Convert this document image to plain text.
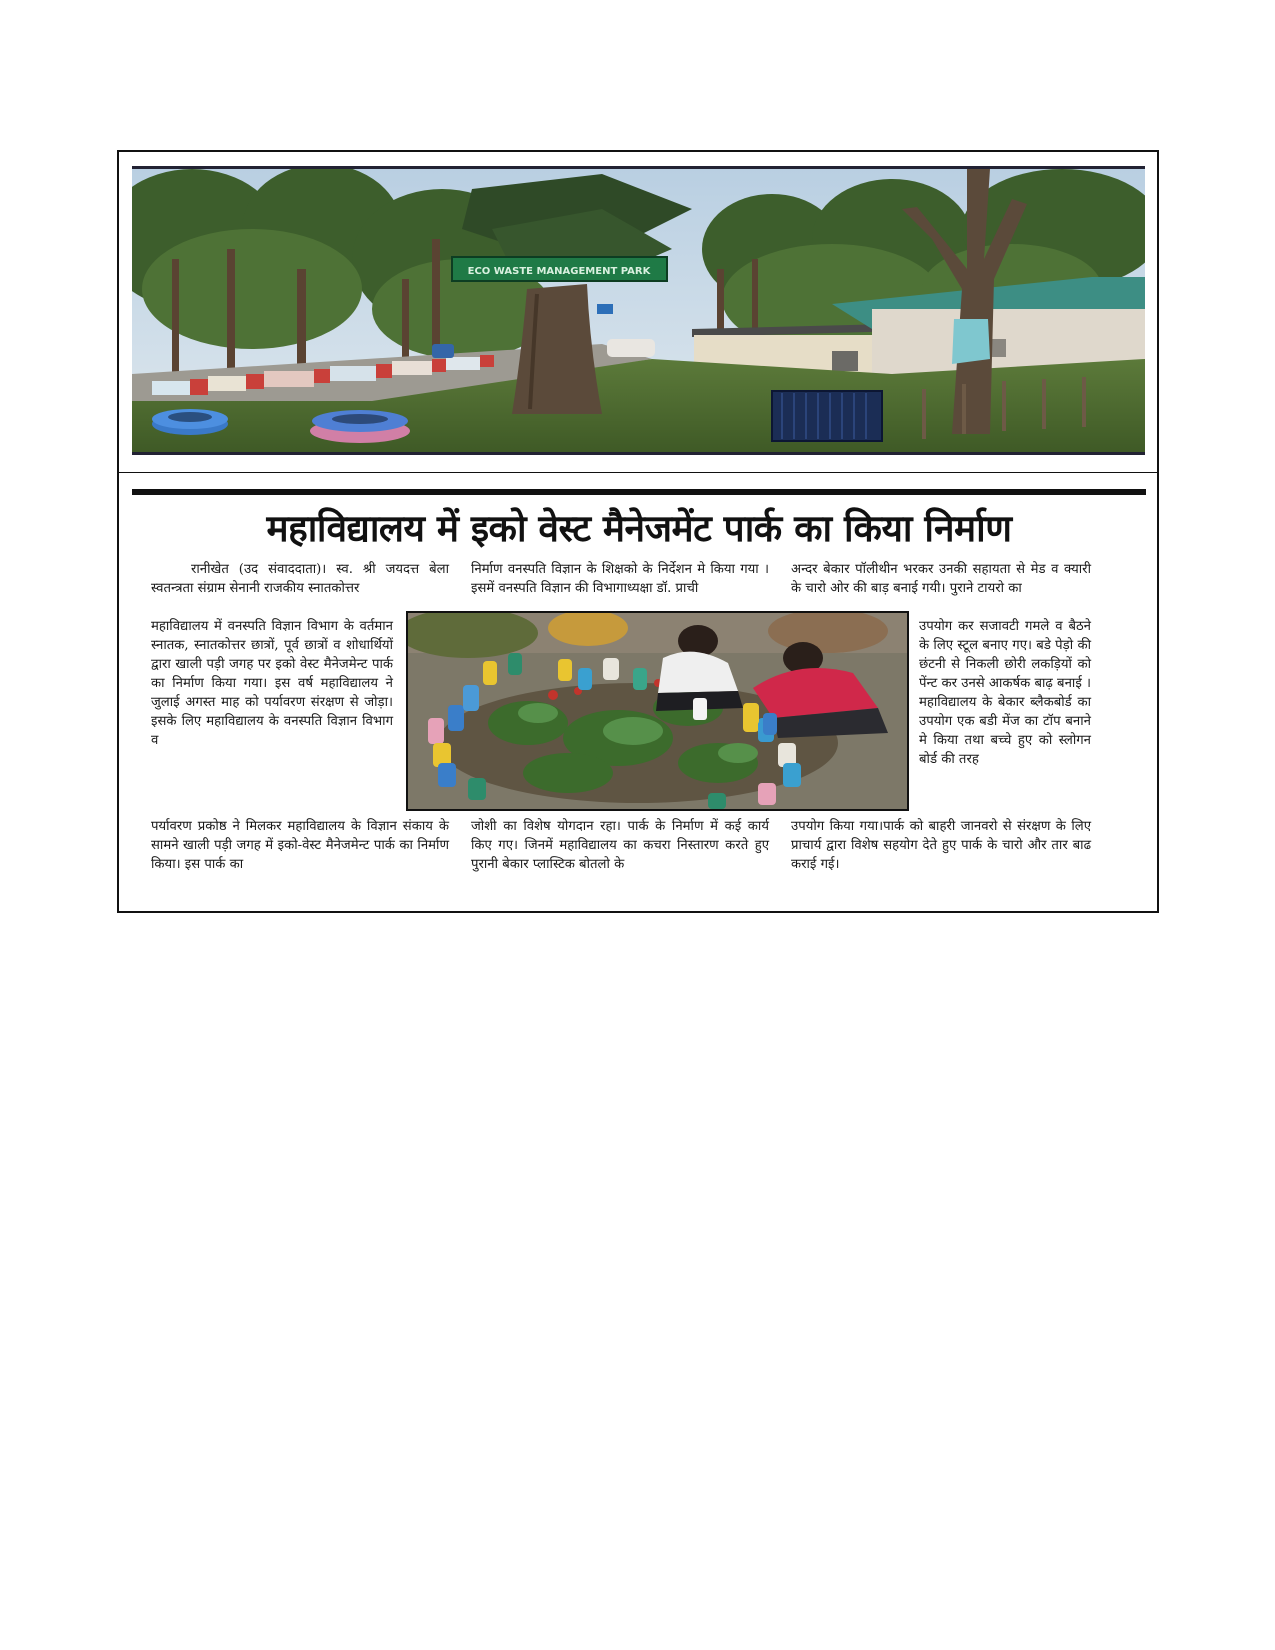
ECO WASTE MANAGEMENT PARK
महाविद्यालय में इको वेस्ट मैनेजमेंट पार्क का किया निर्माण

रानीखेत (उद संवाददाता)। स्व. श्री जयदत्त बेला स्वतन्त्रता संग्राम सेनानी राजकीय स्नातकोत्तर

महाविद्यालय में वनस्पति विज्ञान विभाग के वर्तमान स्नातक, स्नातकोत्तर छात्रों, पूर्व छात्रों व शोधार्थियों द्वारा खाली पड़ी जगह पर इको वेस्ट मैनेजमेन्ट पार्क का निर्माण किया गया। इस वर्ष महाविद्यालय ने जुलाई अगस्त माह को पर्यावरण संरक्षण से जोड़ा।इसके लिए महाविद्यालय के वनस्पति विज्ञान विभाग व

पर्यावरण प्रकोष्ठ ने मिलकर महाविद्यालय के विज्ञान संकाय के सामने खाली पड़ी जगह में इको-वेस्ट मैनेजमेन्ट पार्क का निर्माण किया। इस पार्क का

निर्माण वनस्पति विज्ञान के शिक्षको के निर्देशन मे किया गया । इसमें वनस्पति विज्ञान की विभागाध्यक्षा डॉ. प्राची

जोशी का विशेष योगदान रहा। पार्क के निर्माण में कई कार्य किए गए। जिनमें महाविद्यालय का कचरा निस्तारण करते हुए पुरानी बेकार प्लास्टिक बोतलो के

अन्दर बेकार पॉलीथीन भरकर उनकी सहायता से मेड व क्यारी के चारो ओर की बाड़ बनाई गयी। पुराने टायरो का

उपयोग कर सजावटी गमले व बैठने के लिए स्टूल बनाए गए। बडे पेड़ो की छंटनी से निकली छोरी लकड़ियों को पेंन्ट कर उनसे आकर्षक बाढ़ बनाई ।महाविद्यालय के बेकार ब्लैकबोर्ड का उपयोग एक बडी मेंज का टॉप बनाने मे किया तथा बच्चे हुए को स्लोगन बोर्ड की तरह

उपयोग किया गया।पार्क को बाहरी जानवरो से संरक्षण के लिए प्राचार्य द्वारा विशेष सहयोग देते हुए पार्क के चारो और तार बाढ कराई गई।
